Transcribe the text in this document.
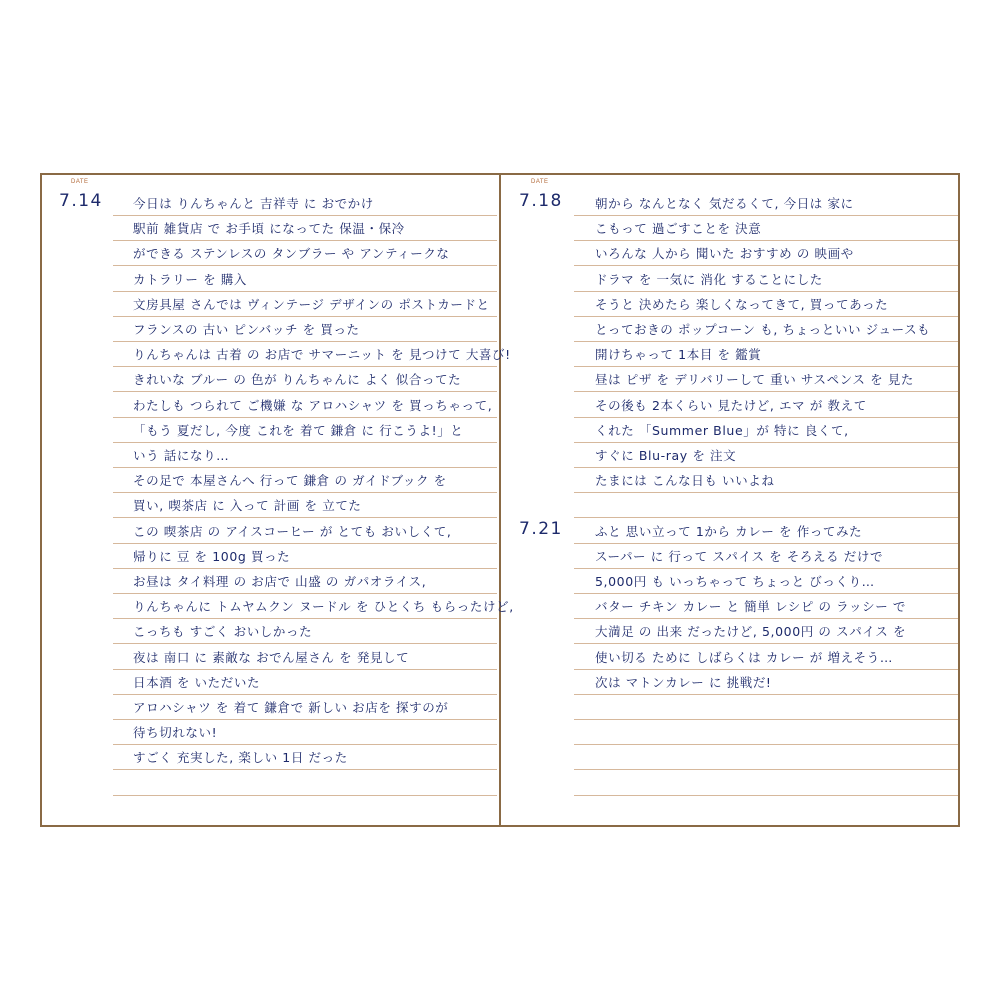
今日は りんちゃんと 吉祥寺 に おでかけ
駅前 雑貨店 で お手頃 になってた 保温・保冷
ができる ステンレスの タンブラー や アンティークな
カトラリー を 購入
文房具屋 さんでは ヴィンテージ デザインの ポストカードと
フランスの 古い ピンバッチ を 買った
りんちゃんは 古着 の お店で サマーニット を 見つけて 大喜び!
きれいな ブルー の 色が りんちゃんに よく 似合ってた
わたしも つられて ご機嫌 な アロハシャツ を 買っちゃって,
「もう 夏だし, 今度 これを 着て 鎌倉 に 行こうよ!」と
いう 話になり…
その足で 本屋さんへ 行って 鎌倉 の ガイドブック を
買い, 喫茶店 に 入って 計画 を 立てた
この 喫茶店 の アイスコーヒー が とても おいしくて,
帰りに 豆 を 100g 買った
お昼は タイ料理 の お店で 山盛 の ガパオライス,
りんちゃんに トムヤムクン ヌードル を ひとくち もらったけど,
こっちも すごく おいしかった
夜は 南口 に 素敵な おでん屋さん を 発見して
日本酒 を いただいた
アロハシャツ を 着て 鎌倉で 新しい お店を 探すのが
待ち切れない!
すごく 充実した, 楽しい 1日 だった
DATE
7.14	朝から なんとなく 気だるくて, 今日は 家に
こもって 過ごすことを 決意
いろんな 人から 聞いた おすすめ の 映画や
ドラマ を 一気に 消化 することにした
そうと 決めたら 楽しくなってきて, 買ってあった
とっておきの ポップコーン も, ちょっといい ジュースも
開けちゃって 1本目 を 鑑賞
昼は ピザ を デリバリーして 重い サスペンス を 見た
その後も 2本くらい 見たけど, エマ が 教えて
くれた 「Summer Blue」が 特に 良くて,
すぐに Blu-ray を 注文
たまには こんな日も いいよね
ふと 思い立って 1から カレー を 作ってみた
スーパー に 行って スパイス を そろえる だけで
5,000円 も いっちゃって ちょっと びっくり…
バター チキン カレー と 簡単 レシピ の ラッシー で
大満足 の 出来 だったけど, 5,000円 の スパイス を
使い切る ために しばらくは カレー が 増えそう…
次は マトンカレー に 挑戦だ!
DATE
7.18
7.21
